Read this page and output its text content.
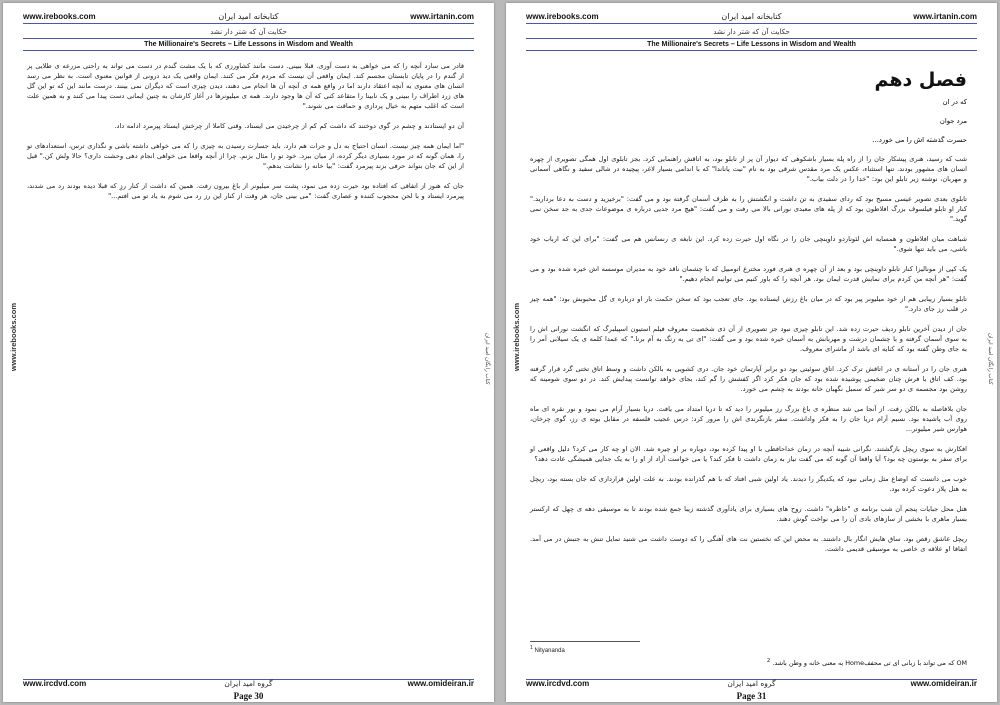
www.irebooks.com	کتابخانه امید ایران	www.irtanin.com
حکایت آن که شتر دار نشد
The Millionaire's Secrets – Life Lessons in Wisdom and Wealth

قادر می سازد آنچه را که می خواهی به دست آوری. قبلا ببینی. دست مانند کشاورزی که با یک مشت گندم در دست می تواند به راحتی مزرعه ی طلایی پر از گندم را در پایان تابستان مجسم کند. ایمان واقعی آن نیست که مردم فکر می کنند. ایمان واقعی یک دید درونی از قوانین معنوی است. به نظر می رسد انسان های معنوی به آنچه اعتقاد دارند اما در واقع همه ی آنچه آن ها انجام می دهند، دیدن چیزی است که دیگران نمی بینند. درست مانند این که تو این گل های زرد اطراف را ببینی و یک نابینا را متقاعد کنی که آن ها وجود دارند. همه ی میلیونرها در آغاز کارشان به چنین ایمانی دست پیدا می کنند و به همین علت است که اغلب متهم به خیال پردازی و حماقت می شوند."

آن دو ایستادند و چشم در گوی دوختند که داشت کم کم از چرخیدن می ایستاد. وقتی کاملا از چرخش ایستاد پیرمرد ادامه داد.

"اما ایمان همه چیز نیست. انسان احتیاج به دل و جرات هم دارد. باید جسارت رسیدن به چیزی را که می خواهی داشته باشی و نگذاری ترس، استعدادهای تو را، همان گونه که در مورد بسیاری دیگر کرده، از میان ببرد. خود تو را مثال بزنم. چرا از آنچه واقعا می خواهی انجام دهی وحشت داری؟ حالا ولش کن." قبل از این که جان بتواند حرفی بزند پیرمرد گفت: "بیا خانه را نشانت بدهم."

جان که هنوز از اتفاقی که افتاده بود حیرت زده می نمود، پشت سر میلیونر از باغ بیرون رفت. همین که داشت از کنار رزِ که قبلا دیده بودند رد می شدند، پیرمرد ایستاد و با لحن محجوب کننده و عصاری گفت: "می بینی جان، هر وقت از کنار این رز رد می شوم به یاد تو می افتم..."

www.irebooks.com	کتاب رایگان امید ایران
www.ircdvd.com	گروه امید ایران	www.omideiran.ir
Page 30
www.irebooks.com	کتابخانه امید ایران	www.irtanin.com
حکایت آن که شتر دار نشد
The Millionaire's Secrets – Life Lessons in Wisdom and Wealth
فصل دهم

که در ان

مرد جوان

حسرت گذشته اش را می خورد...

شب که رسید، هنری پیشکار جان را از راه پله بسیار باشکوهی که دیوار آن پر از تابلو بود، به اتاقش راهنمایی کرد. بجز تابلوی اول همگی تصویری از چهره انسان های مشهور بودند. تنها استثناء، عکس یک مرد مقدس شرقی بود به نام "نیت یاناندا" که با اندامی بسیار لاغر، پیچیده در شالی سفید و نگاهی آسمانی و مهربان، نوشته زیر تابلو این بود: "خدا را در دلت بیاب."

تابلوی بعدی تصویر عیسی مسیح بود که ردای سفیدی به تن داشت و انگشتش را به طرف آسمان گرفته بود و می گفت: "برخیزید و دست به دعا بردارید." کنار او تابلو فیلسوف بزرگ افلاطون بود که از پله های معبدی نورانی بالا می رفت و می گفت: "هیچ مرد جدیی درباره ی موضوعات جدی به جد سخن نمی گوید."

شباهت میان افلاطون و همسایه اش لئوناردو داوینچی جان را در نگاه اول حیرت زده کرد. این نابغه ی رنسانس هم می گفت: "برای این که ارباب خود باشی، می باید تنها شوی."

یک کپی از مونالیزا کنار تابلو داوینچی بود و بعد از آن چهره ی هنری فورد مخترع اتومبیل که با چشمان ناقد خود به مدیران موسسه اش خیره شده بود و می گفت: "هر آنچه من کردم برای نمایش قدرت ایمان بود. هر آنچه را که باور کنیم می توانیم انجام دهیم."

تابلو بسیار زیبایی هم از خود میلیونر پیر بود که در میان باغ رزش ایستاده بود. جای تعجب بود که سخن حکمت بار او درباره ی گل محبوبش بود: "همه چیز در قلب رز جای دارد."

جان از دیدن آخرین تابلو ردیف حیرت زده شد. این تابلو چیزی نبود جز تصویری از آن ذی شخصیت معروف فیلم استیون اسپیلبرگ که انگشت نورانی اش را به سوی آسمان گرفته و با چشمان درشت و مهربانش به آسمان خیره شده بود و می گفت: "ای تی به رنگ به آم برنا." که عمدا کلمه ی یک سیلابی آمر را به جای وطن گفته بود که کنایه ای باشد از ماشرای معروف.

هنری جان را در آستانه ی در اتاقش ترک کرد. اتاق سوئیتی بود دو برابر آپارتمان خود جان. دری کشویی به بالکن داشت و وسط اتاق تختی گرد قرار گرفته بود. کف اتاق با فرش چنان ضخیمی پوشیده شده بود که جان فکر کرد اگر کفشش را گم کند، بجای خواهد توانست پیدایش کند. در دو سوی شومینه که روشن بود مجسمه ی دو سر شیر که سمبل نگهبان خانه بودند به چشم می خورد.

جان بلافاصله به بالکن رفت. از آنجا می شد منظره ی باغ بزرگ رز میلیونر را دید که تا دریا امتداد می یافت. دریا بسیار آرام می نمود و نور نقره ای ماه روی آب پاشیده بود. نسیم آرام دریا جان را به فکر واداشت. سفر بازنگرندی اش را مرور کرد: درس عجیب فلسفه در مقابل بوته ی رز، گوی چرخان، هوارس شیر میلیونر...

افکارش به سوی ریچل بازگشتند. نگرانی شبیه آنچه در زمان خداحافظی با او پیدا کرده بود، دوباره بر او چیره شد. الان او چه کار می کرد؟ دلیل واقعی او برای سفر به بوستون چه بود؟ آیا واقعا آن گونه که می گفت نیاز به زمان داشت تا فکر کند؟ یا می خواست آزاد از او را به یک جدایی همیشگی عادت دهد؟

خوب می دانست که اوضاع مثل زمانی نبود که یکدیگر را دیدند. یاد اولین شبی افتاد که با هم گذرانده بودند. به علت اولین قرارداری که جان بسته بود، ریچل به هتل پلاز دعوت کرده بود.

هتل محل جبایات پنجم آن شب برنامه ی "خاطره" داشت. روح های بسیاری برای یادآوری گذشته زیبا جمع شده بودند تا به موسیقی دهه ی چهل که ارکستر بسیار ماهری با بخشی از سازهای بادی آن را می نواخت گوش دهند.

ریچل عاشق رقص بود. ساق هایش انگار بال داشتند. به محض این که نخستین نت های آهنگی را که دوست داشت می شنید تمایل تنش به جنبش در می آمد. اتفاقا او علاقه ی خاصی به موسیقی قدیمی داشت.

www.irebooks.com	کتاب رایگان امید ایران
$^1$ Nityananda
OM که می تواند با زبانی ای تی محففHome به معنی خانه و وطن باشد. $^2$
www.ircdvd.com	گروه امید ایران	www.omideiran.ir
Page 31
